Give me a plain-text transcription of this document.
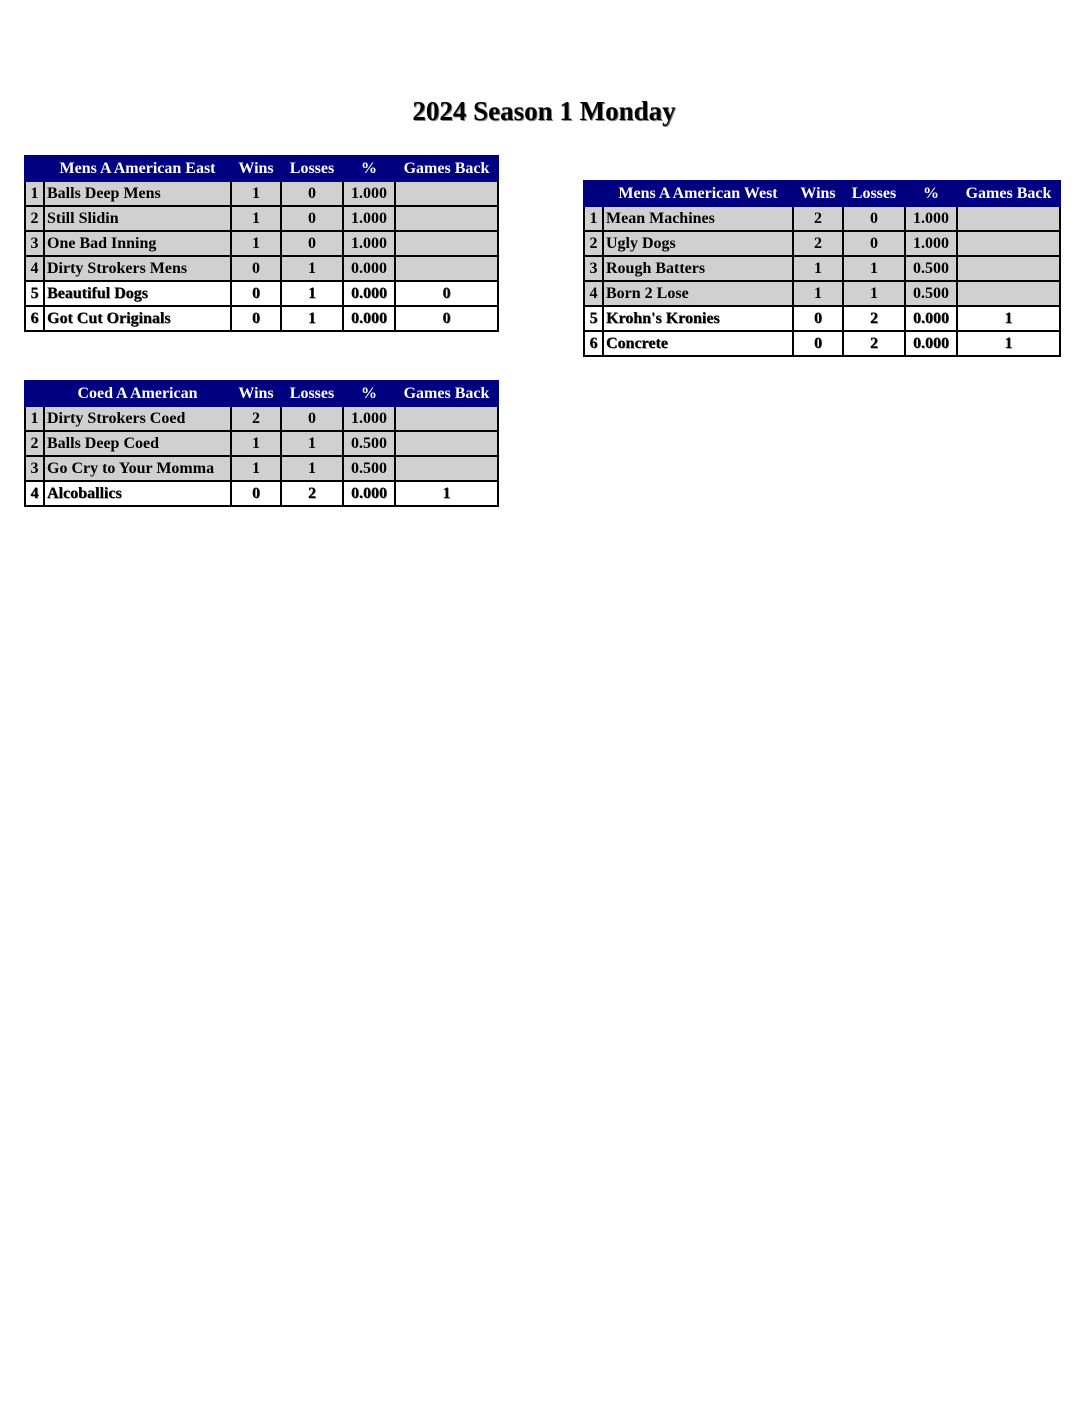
2024 Season 1 Monday
	Mens A American East	Wins	Losses	%	Games Back
1	Balls Deep Mens	1	0	1.000	
2	Still Slidin	1	0	1.000	
3	One Bad Inning	1	0	1.000	
4	Dirty Strokers Mens	0	1	0.000	
5	Beautiful Dogs	0	1	0.000	0
6	Got Cut Originals	0	1	0.000	0
	Mens A American West	Wins	Losses	%	Games Back
1	Mean Machines	2	0	1.000	
2	Ugly Dogs	2	0	1.000	
3	Rough Batters	1	1	0.500	
4	Born 2 Lose	1	1	0.500	
5	Krohn's Kronies	0	2	0.000	1
6	Concrete	0	2	0.000	1
	Coed A American	Wins	Losses	%	Games Back
1	Dirty Strokers Coed	2	0	1.000	
2	Balls Deep Coed	1	1	0.500	
3	Go Cry to Your Momma	1	1	0.500	
4	Alcoballics	0	2	0.000	1
